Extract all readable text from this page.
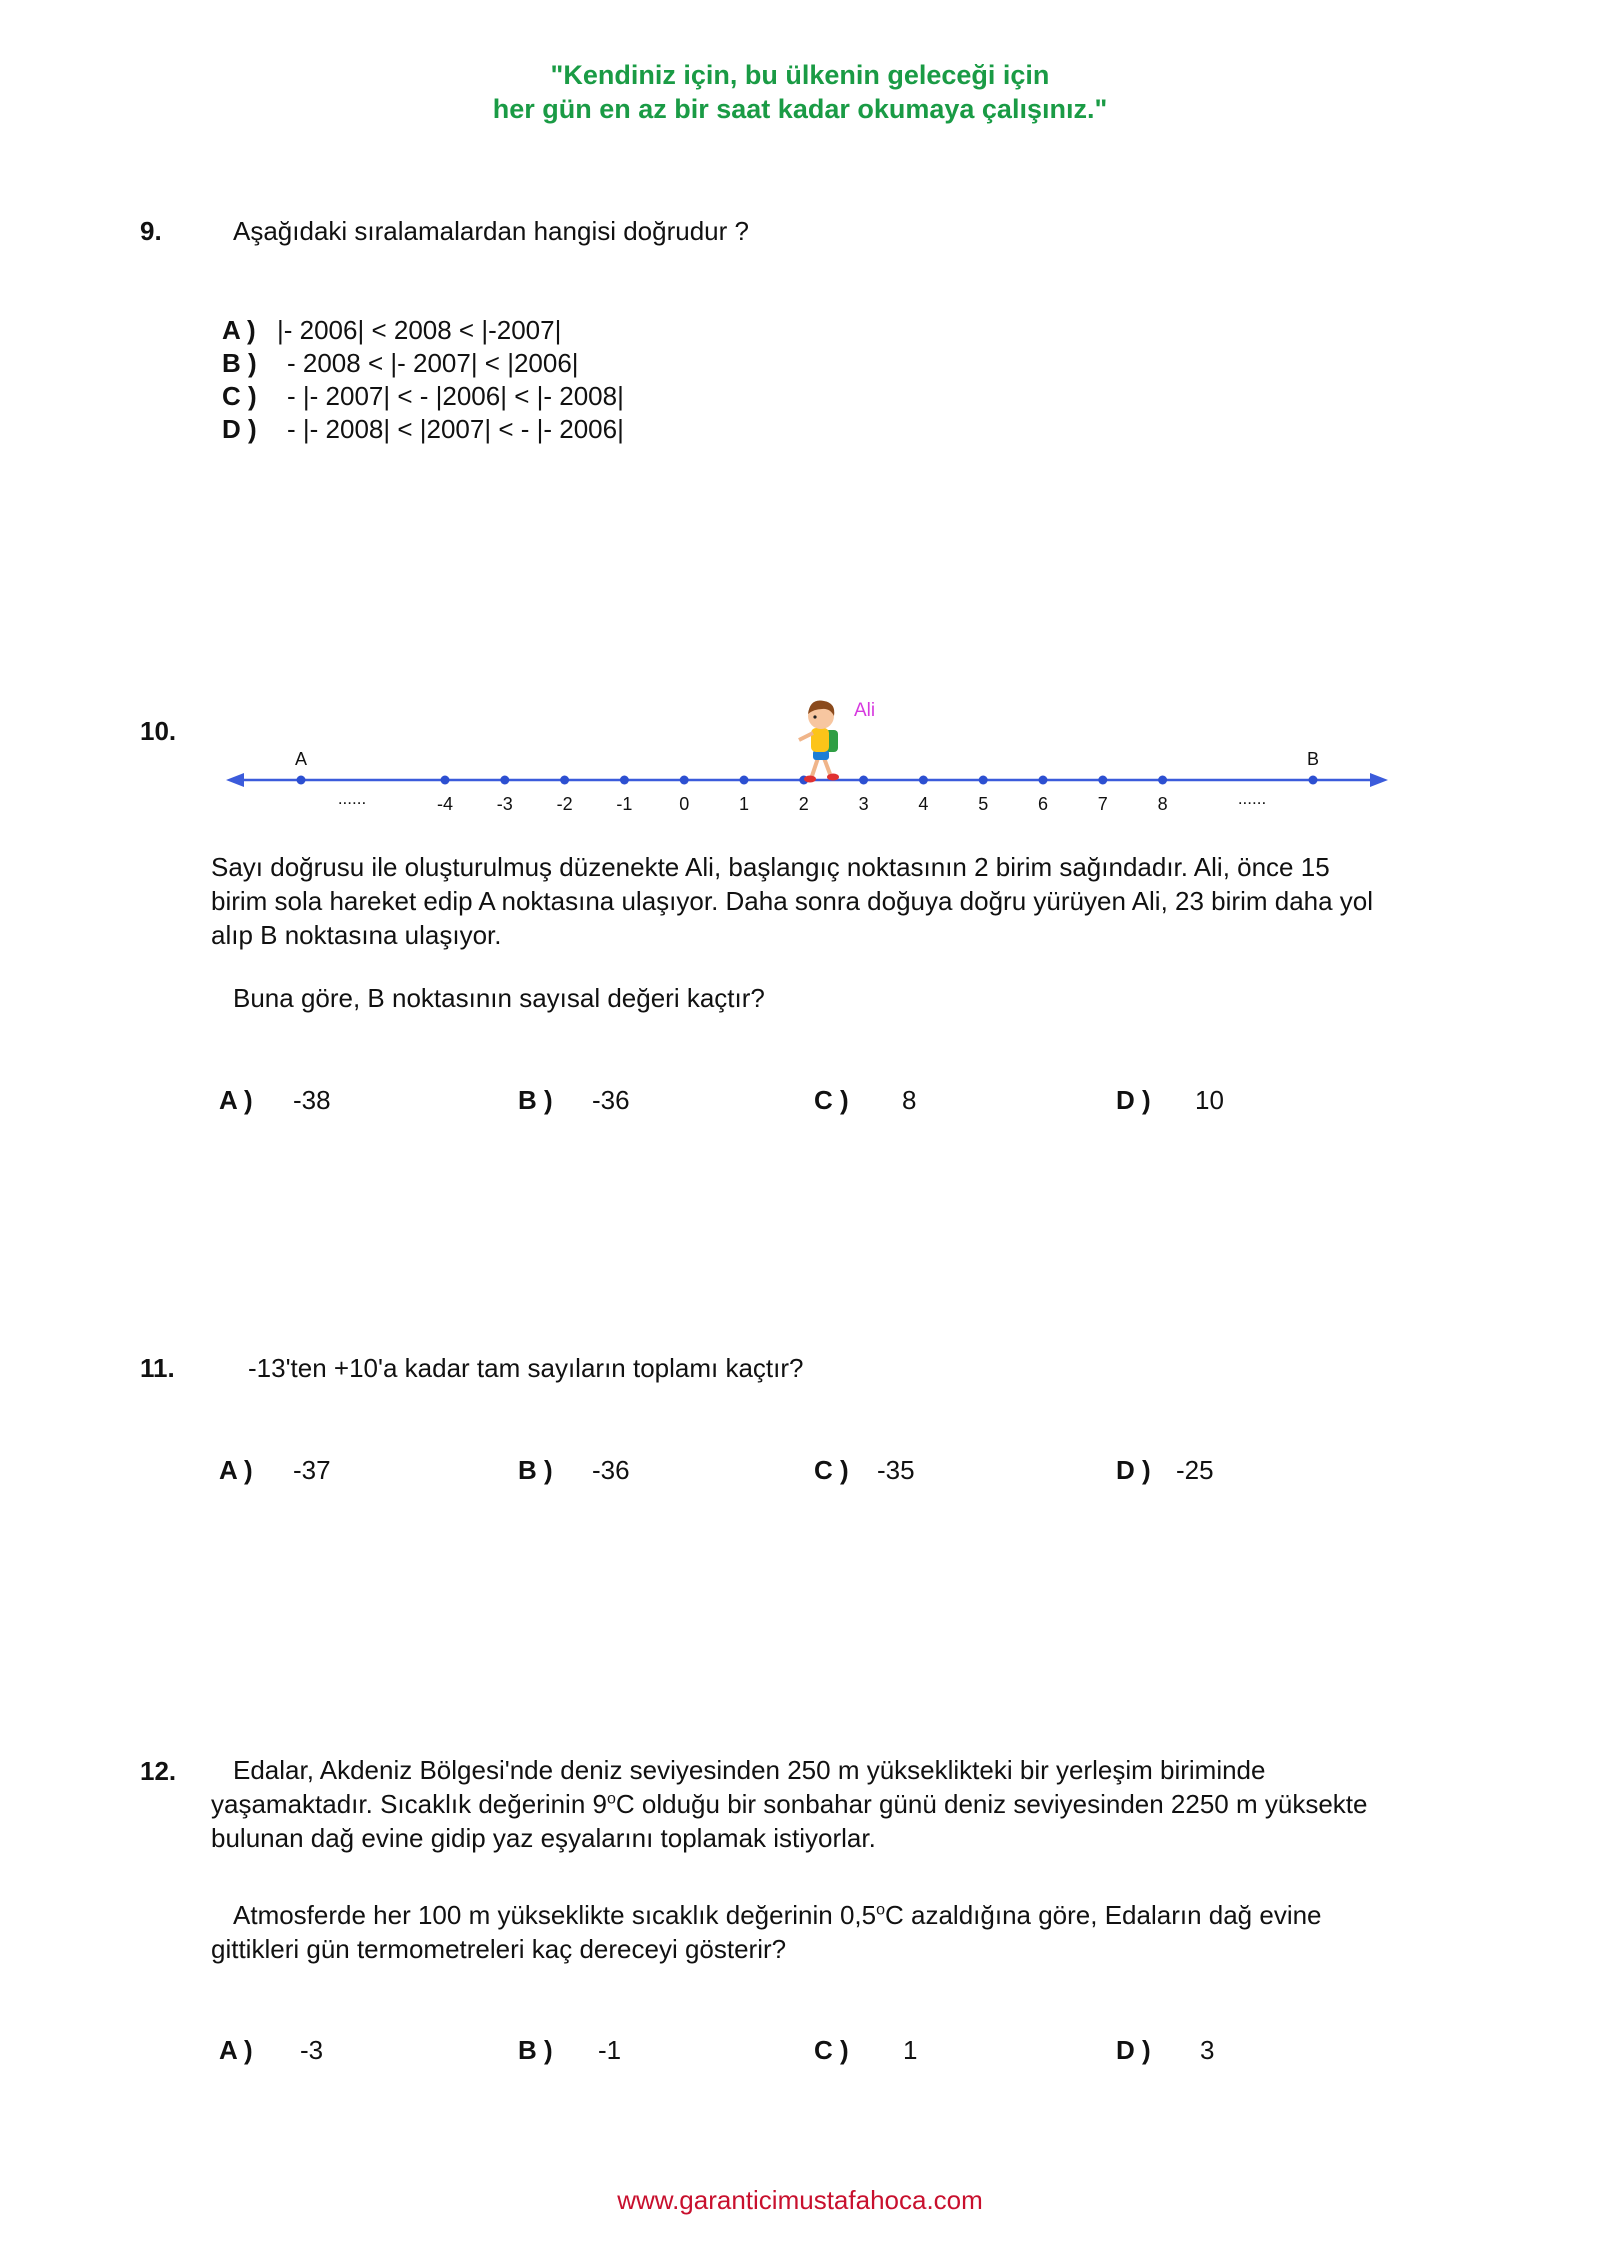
"Kendiniz için, bu ülkenin geleceği için
her gün en az bir saat kadar okumaya çalışınız."
9.	Aşağıdaki sıralamalardan hangisi doğrudur ?
A ) |- 2006| < 2008 < |-2007|
B ) - 2008 < |- 2007| < |2006|
C ) - |- 2007| < - |2006| < |- 2008|
D ) - |- 2008| < |2007| < - |- 2006|
10.
-4 -3 -2 -1	0	1	2	3	4	5	6	7	8
A	B
......	......
Ali
Sayı doğrusu ile oluşturulmuş düzenekte Ali, başlangıç noktasının 2 birim sağındadır. Ali, önce 15 birim sola hareket edip A noktasına ulaşıyor. Daha sonra doğuya doğru yürüyen Ali, 23 birim daha yol alıp B noktasına ulaşıyor.
Buna göre, B noktasının sayısal değeri kaçtır?
A ) -38	B ) -36	C ) 8	D ) 10
11.	-13'ten +10'a kadar tam sayıların toplamı kaçtır?
A ) -37	B ) -36	C ) -35	D ) -25
12.	Edalar, Akdeniz Bölgesi'nde deniz seviyesinden 250 m yükseklikteki bir yerleşim biriminde yaşamaktadır. Sıcaklık değerinin 9$^o$C olduğu bir sonbahar günü deniz seviyesinden 2250 m yüksekte bulunan dağ evine gidip yaz eşyalarını toplamak istiyorlar.
Atmosferde her 100 m yükseklikte sıcaklık değerinin 0,5$^o$C azaldığına göre, Edaların dağ evine gittikleri gün termometreleri kaç dereceyi gösterir?
A ) -3	B ) -1	C ) 1	D ) 3
www.garanticimustafahoca.com
